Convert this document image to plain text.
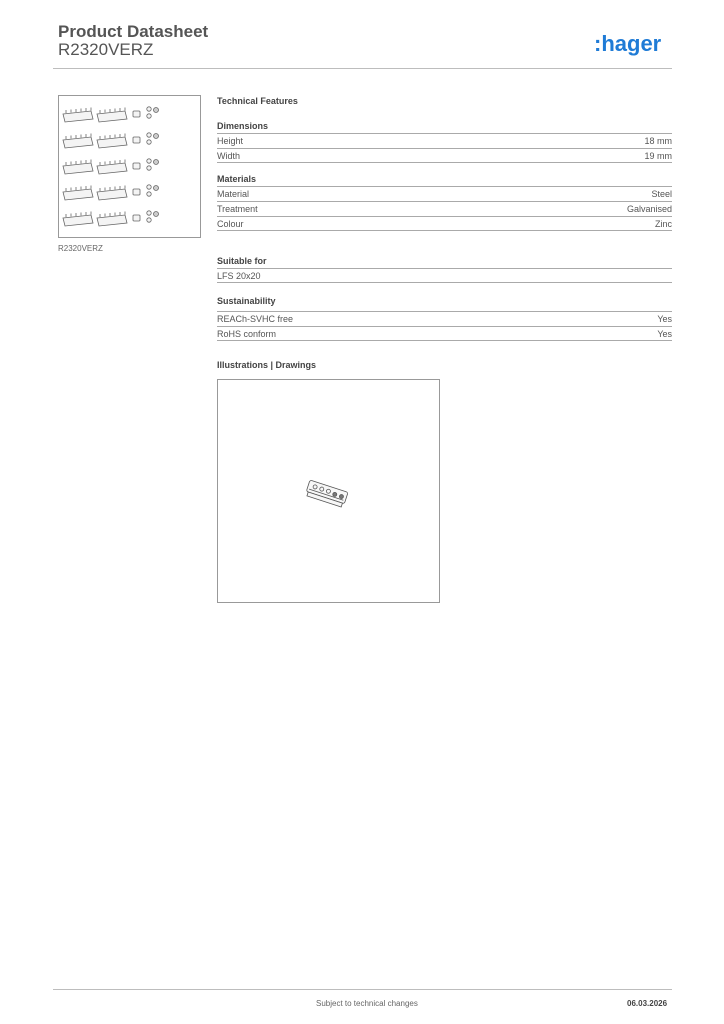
Product Datasheet
R2320VERZ	:hager
R2320VERZ
Technical Features
Dimensions
Height	18 mm
Width	19 mm
Materials
Material	Steel
Treatment	Galvanised
Colour	Zinc
Suitable for
LFS 20x20
Sustainability
REACh-SVHC free	Yes
RoHS conform	Yes
Illustrations | Drawings
Subject to technical changes	06.03.2026
